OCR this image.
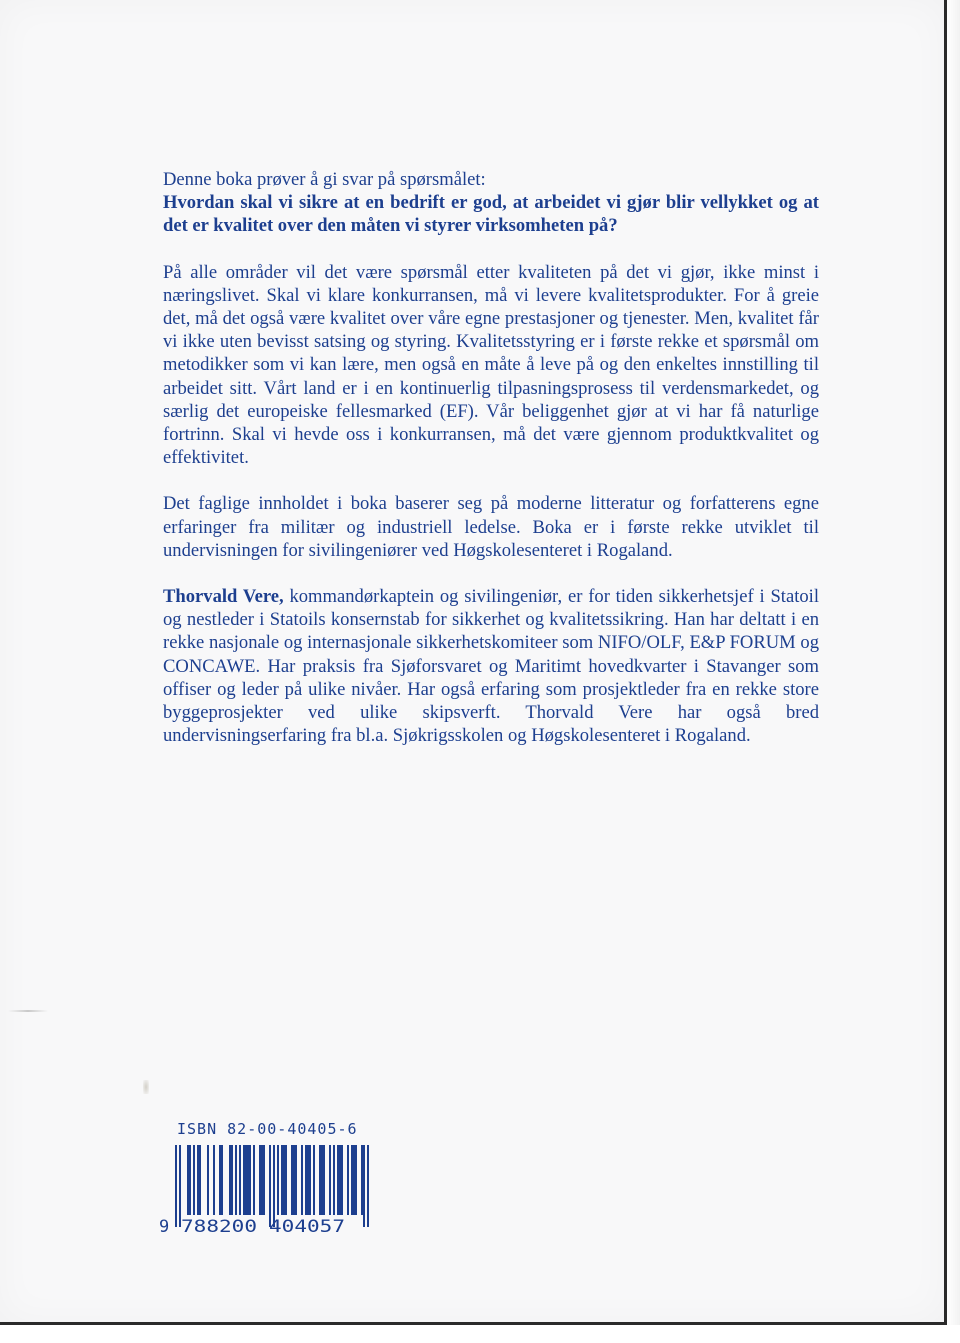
Denne boka prøver å gi svar på spørsmålet:

Hvordan skal vi sikre at en bedrift er god, at arbeidet vi gjør blir vellykket og at det er kvalitet over den måten vi styrer virksomheten på?

På alle områder vil det være spørsmål etter kvaliteten på det vi gjør, ikke minst i næringslivet. Skal vi klare konkurransen, må vi levere kvalitetsprodukter. For å greie det, må det også være kvalitet over våre egne prestasjoner og tjenester. Men, kvalitet får vi ikke uten bevisst satsing og styring. Kvalitetsstyring er i første rekke et spørsmål om metodikker som vi kan lære, men også en måte å leve på og den enkeltes innstilling til arbeidet sitt. Vårt land er i en kontinuerlig tilpasningsprosess til verdensmarkedet, og særlig det europeiske fellesmarked (EF). Vår beliggenhet gjør at vi har få naturlige fortrinn. Skal vi hevde oss i konkurransen, må det være gjennom produktkvalitet og effektivitet.

Det faglige innholdet i boka baserer seg på moderne litteratur og forfatterens egne erfaringer fra militær og industriell ledelse. Boka er i første rekke utviklet til undervisningen for sivilingeniører ved Høgskolesenteret i Rogaland.

Thorvald Vere, kommandørkaptein og sivilingeniør, er for tiden sikkerhetsjef i Statoil og nestleder i Statoils konsernstab for sikkerhet og kvalitetssikring. Han har deltatt i en rekke nasjonale og internasjonale sikkerhetskomiteer som NIFO/OLF, E&P FORUM og CONCAWE. Har praksis fra Sjøforsvaret og Maritimt hovedkvarter i Stavanger som offiser og leder på ulike nivåer. Har også erfaring som prosjektleder fra en rekke store byggeprosjekter ved ulike skipsverft. Thorvald Vere har også bred undervisningserfaring fra bl.a. Sjøkrigsskolen og Høgskolesenteret i Rogaland.

ISBN 82-00-40405-6
9 788200 404057
